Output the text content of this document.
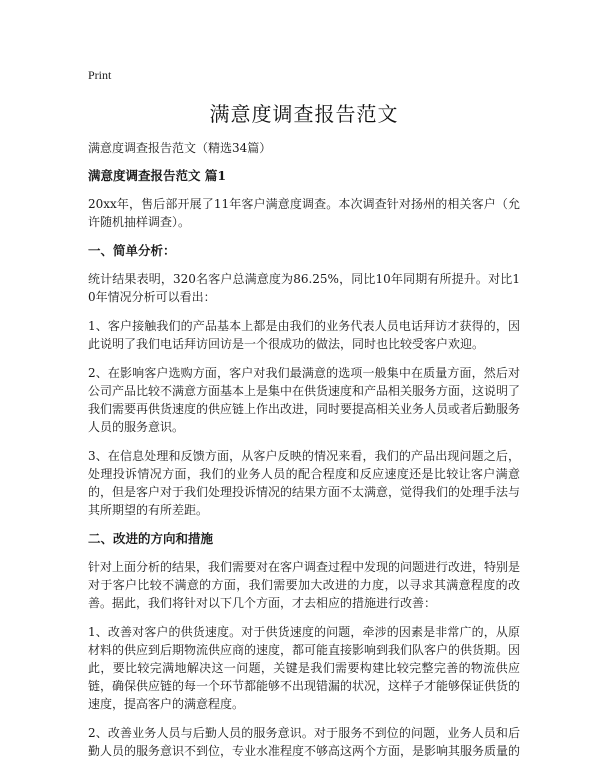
Print
满意度调查报告范文

满意度调查报告范文（精选34篇）

满意度调查报告范文 篇1

20xx年，售后部开展了11年客户满意度调查。本次调查针对扬州的相关客户（允许随机抽样调查）。

一、简单分析：

统计结果表明，320名客户总满意度为86.25%，同比10年同期有所提升。对比10年情况分析可以看出：

1、客户接触我们的产品基本上都是由我们的业务代表人员电话拜访才获得的，因此说明了我们电话拜访回访是一个很成功的做法，同时也比较受客户欢迎。

2、在影响客户选购方面，客户对我们最满意的选项一般集中在质量方面，然后对公司产品比较不满意方面基本上是集中在供货速度和产品相关服务方面，这说明了我们需要再供货速度的供应链上作出改进，同时要提高相关业务人员或者后勤服务人员的服务意识。

3、在信息处理和反馈方面，从客户反映的情况来看，我们的产品出现问题之后，处理投诉情况方面，我们的业务人员的配合程度和反应速度还是比较让客户满意的，但是客户对于我们处理投诉情况的结果方面不太满意，觉得我们的处理手法与其所期望的有所差距。

二、改进的方向和措施

针对上面分析的结果，我们需要对在客户调查过程中发现的问题进行改进，特别是对于客户比较不满意的方面，我们需要加大改进的力度，以寻求其满意程度的改善。据此，我们将针对以下几个方面，才去相应的措施进行改善：

1、改善对客户的供货速度。对于供货速度的问题，牵涉的因素是非常广的，从原材料的供应到后期物流供应商的速度，都可能直接影响到我们队客户的供货期。因此，要比较完满地解决这一问题，关键是我们需要构建比较完整完善的物流供应链，确保供应链的每一个环节都能够不出现错漏的状况，这样子才能够保证供货的速度，提高客户的满意程度。

2、改善业务人员与后勤人员的服务意识。对于服务不到位的问题，业务人员和后勤人员的服务意识不到位，专业水准程度不够高这两个方面，是影响其服务质量的
